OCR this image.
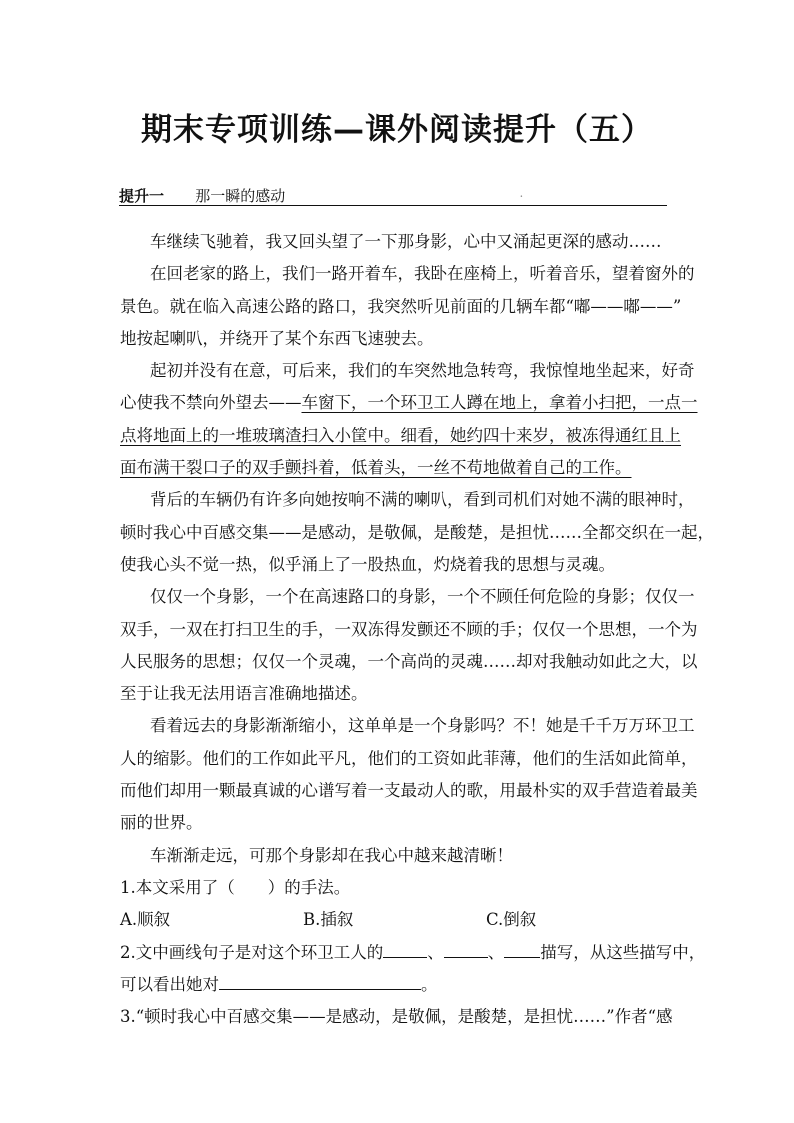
期末专项训练—课外阅读提升（五）
提升一 那一瞬的感动	.
车继续飞驰着，我又回头望了一下那身影，心中又涌起更深的感动……
在回老家的路上，我们一路开着车，我卧在座椅上，听着音乐，望着窗外的
景色。就在临入高速公路的路口，我突然听见前面的几辆车都“嘟——嘟——”
地按起喇叭，并绕开了某个东西飞速驶去。
起初并没有在意，可后来，我们的车突然地急转弯，我惊惶地坐起来，好奇
心使我不禁向外望去——车窗下，一个环卫工人蹲在地上，拿着小扫把，一点一
点将地面上的一堆玻璃渣扫入小筐中。细看，她约四十来岁，被冻得通红且上
面布满干裂口子的双手颤抖着，低着头，一丝不苟地做着自己的工作。
背后的车辆仍有许多向她按响不满的喇叭，看到司机们对她不满的眼神时，
顿时我心中百感交集——是感动，是敬佩，是酸楚，是担忧……全都交织在一起，
使我心头不觉一热，似乎涌上了一股热血，灼烧着我的思想与灵魂。
仅仅一个身影，一个在高速路口的身影，一个不顾任何危险的身影；仅仅一
双手，一双在打扫卫生的手，一双冻得发颤还不顾的手；仅仅一个思想，一个为
人民服务的思想；仅仅一个灵魂，一个高尚的灵魂……却对我触动如此之大，以
至于让我无法用语言准确地描述。
看着远去的身影渐渐缩小，这单单是一个身影吗？不！她是千千万万环卫工
人的缩影。他们的工作如此平凡，他们的工资如此菲薄，他们的生活如此简单，
而他们却用一颗最真诚的心谱写着一支最动人的歌，用最朴实的双手营造着最美
丽的世界。
车渐渐走远，可那个身影却在我心中越来越清晰！
1.本文采用了（　　）的手法。
A.顺叙	B.插叙	C.倒叙
2.文中画线句子是对这个环卫工人的	、	、 描写，从这些描写中，
可以看出她对	。
3.“顿时我心中百感交集——是感动，是敬佩，是酸楚，是担忧……”作者“感
